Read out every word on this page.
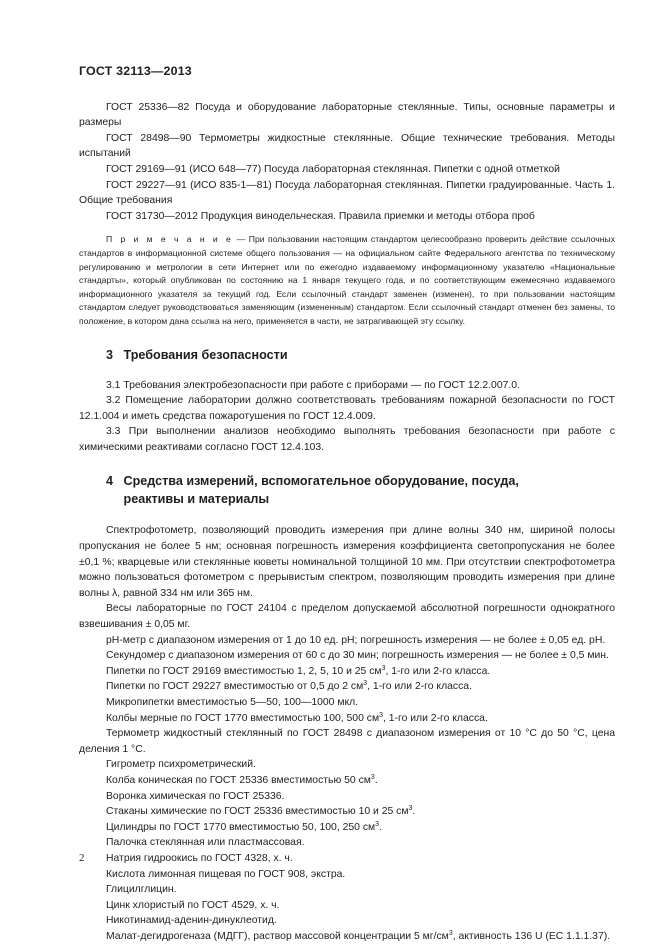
ГОСТ 32113—2013

ГОСТ 25336—82 Посуда и оборудование лабораторные стеклянные. Типы, основные параметры и размеры

ГОСТ 28498—90 Термометры жидкостные стеклянные. Общие технические требования. Методы испытаний

ГОСТ 29169—91 (ИСО 648—77) Посуда лабораторная стеклянная. Пипетки с одной отметкой

ГОСТ 29227—91 (ИСО 835-1—81) Посуда лабораторная стеклянная. Пипетки градуированные. Часть 1. Общие требования

ГОСТ 31730—2012 Продукция винодельческая. Правила приемки и методы отбора проб

П р и м е ч а н и е — При пользовании настоящим стандартом целесообразно проверить действие ссылочных стандартов в информационной системе общего пользования — на официальном сайте Федерального агентства по техническому регулированию и метрологии в сети Интернет или по ежегодно издаваемому информационному указателю «Национальные стандарты», который опубликован по состоянию на 1 января текущего года, и по соответствующим ежемесячно издаваемого информационного указателя за текущий год. Если ссылочный стандарт заменен (изменен), то при пользовании настоящим стандартом следует руководствоваться заменяющим (измененным) стандартом. Если ссылочный стандарт отменен без замены, то положение, в котором дана ссылка на него, применяется в части, не затрагивающей эту ссылку.

3 Требования безопасности

3.1 Требования электробезопасности при работе с приборами — по ГОСТ 12.2.007.0.

3.2 Помещение лаборатории должно соответствовать требованиям пожарной безопасности по ГОСТ 12.1.004 и иметь средства пожаротушения по ГОСТ 12.4.009.

3.3 При выполнении анализов необходимо выполнять требования безопасности при работе с химическими реактивами согласно ГОСТ 12.4.103.

4 Средства измерений, вспомогательное оборудование, посуда,
реактивы и материалы

Спектрофотометр, позволяющий проводить измерения при длине волны 340 нм, шириной полосы пропускания не более 5 нм; основная погрешность измерения коэффициента светопропускания не более ±0,1 %; кварцевые или стеклянные кюветы номинальной толщиной 10 мм. При отсутствии спектрофотометра можно пользоваться фотометром с прерывистым спектром, позволяющим проводить измерения при длине волны λ, равной 334 нм или 365 нм.

Весы лабораторные по ГОСТ 24104 с пределом допускаемой абсолютной погрешности однократного взвешивания ± 0,05 мг.

рН-метр с диапазоном измерения от 1 до 10 ед. рН; погрешность измерения — не более ± 0,05 ед. рН.

Секундомер с диапазоном измерения от 60 с до 30 мин; погрешность измерения — не более ± 0,5 мин.

Пипетки по ГОСТ 29169 вместимостью 1, 2, 5, 10 и 25 $см^3$, 1-го или 2-го класса.

Пипетки по ГОСТ 29227 вместимостью от 0,5 до 2 $см^3$, 1-го или 2-го класса.

Микропипетки вместимостью 5—50, 100—1000 мкл.

Колбы мерные по ГОСТ 1770 вместимостью 100, 500 $см^3$, 1-го или 2-го класса.

Термометр жидкостный стеклянный по ГОСТ 28498 с диапазоном измерения от 10 °С до 50 °С, цена деления 1 °С.

Гигрометр психрометрический.

Колба коническая по ГОСТ 25336 вместимостью 50 $см^3$.

Воронка химическая по ГОСТ 25336.

Стаканы химические по ГОСТ 25336 вместимостью 10 и 25 $см^3$.

Цилиндры по ГОСТ 1770 вместимостью 50, 100, 250 $см^3$.

Палочка стеклянная или пластмассовая.

Натрия гидроокись по ГОСТ 4328, х. ч.

Кислота лимонная пищевая по ГОСТ 908, экстра.

Глицилглицин.

Цинк хлористый по ГОСТ 4529, х. ч.

Никотинамид-аденин-динуклеотид.

Малат-дегидрогеназа (МДГГ), раствор массовой концентрации 5 $мг/см^3$, активность 136 U (ЕС 1.1.1.37).

2
